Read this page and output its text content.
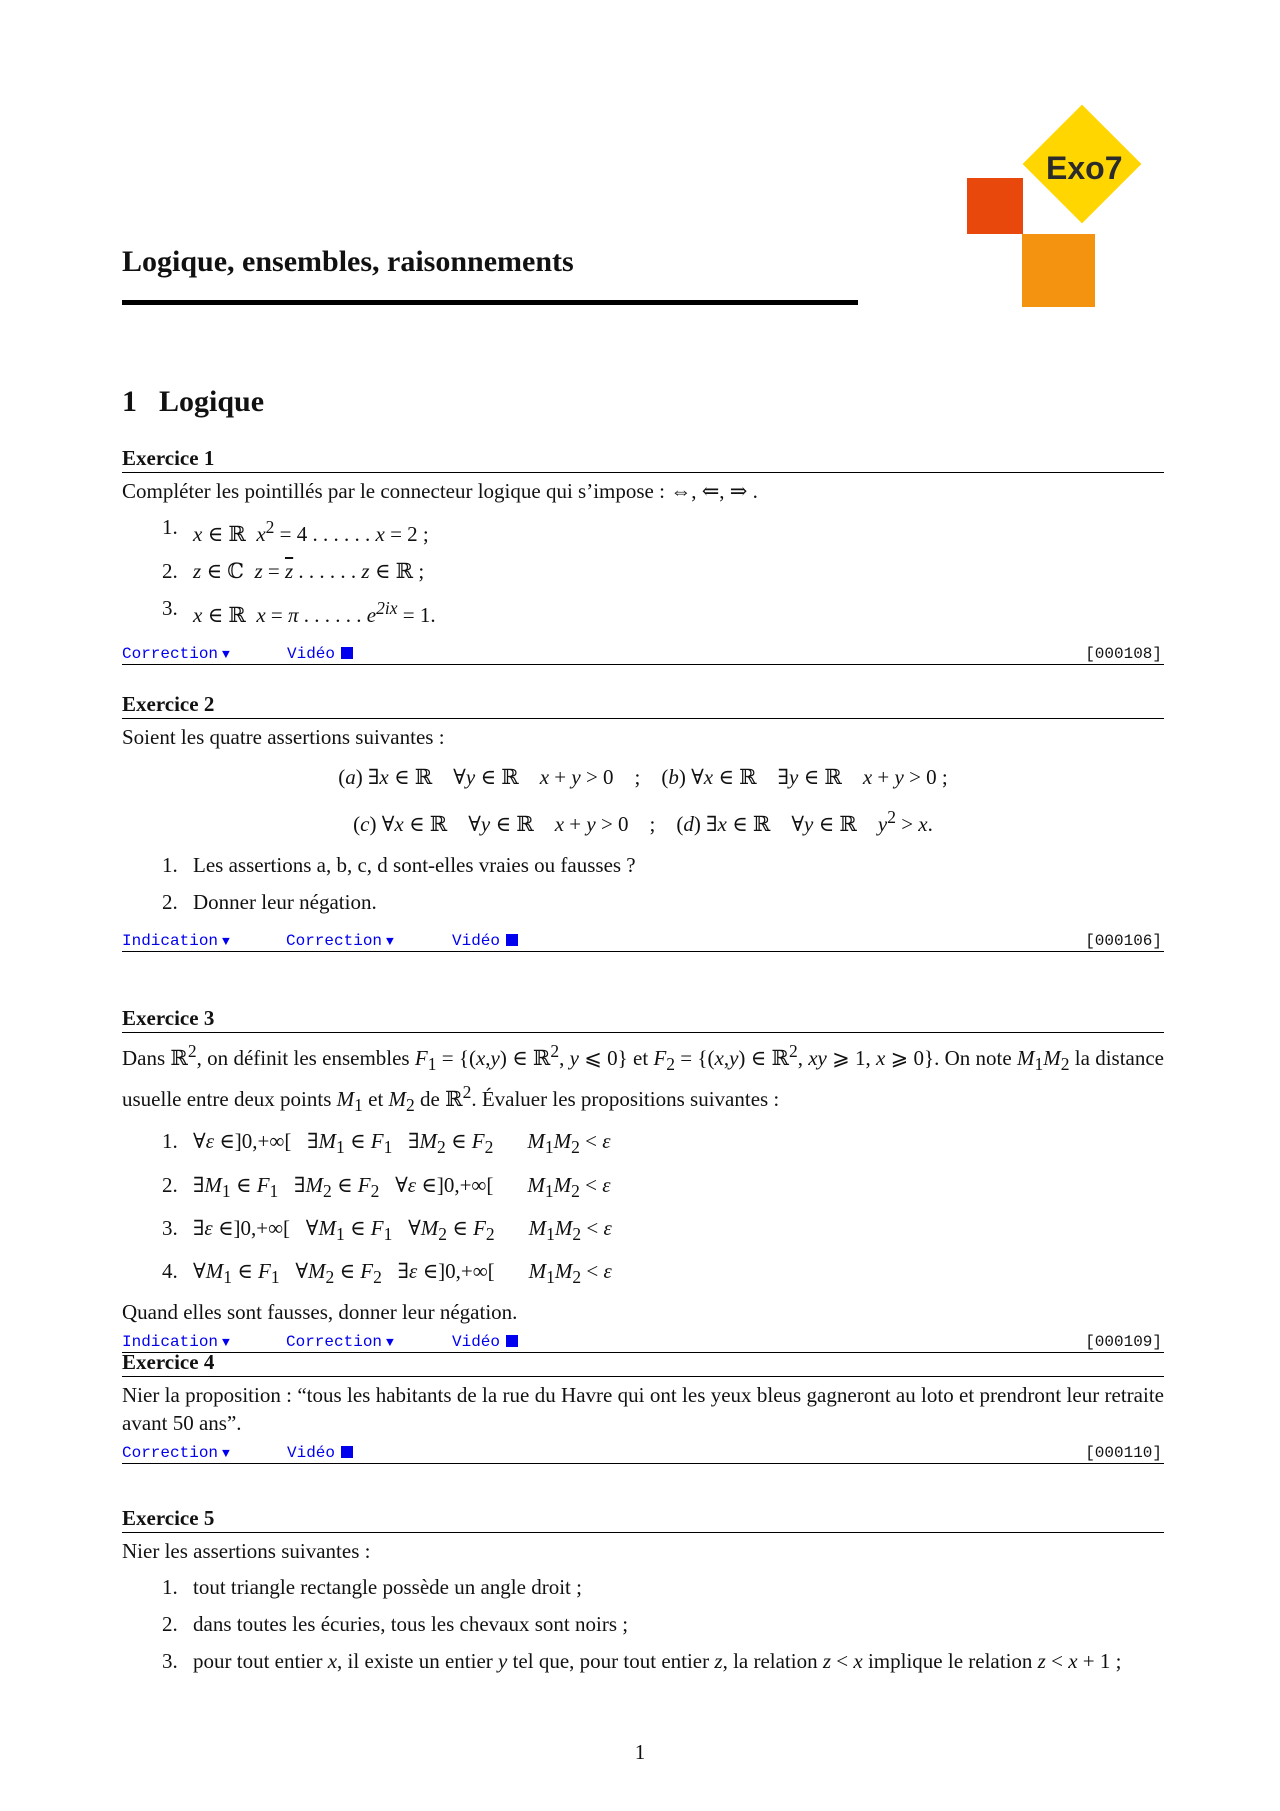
Exo7
Logique, ensembles, raisonnements
1 Logique
Exercice 1

Compléter les pointillés par le connecteur logique qui s’impose : ⇔, ⇐, ⇒ .

1. x ∈ ℝ  $x^2 = 4$ . . . . . . x = 2 ;
2. z ∈ ℂ  $z = \overline{z}$ . . . . . . z ∈ ℝ ;
3. x ∈ ℝ  x = π . . . . . . $e^{2ix} = 1$.
Correction ▼	Vidéo	[000108]
Exercice 2

Soient les quatre assertions suivantes :

(a) ∃x ∈ ℝ    ∀y ∈ ℝ    x + y > 0    ;    (b) ∀x ∈ ℝ    ∃y ∈ ℝ    x + y > 0 ;

(c) ∀x ∈ ℝ    ∀y ∈ ℝ    x + y > 0    ;    (d) ∃x ∈ ℝ    ∀y ∈ ℝ    $y^2 > x$.

1. Les assertions a, b, c, d sont-elles vraies ou fausses ?
2. Donner leur négation.
Indication ▼	Correction ▼	Vidéo	[000106]
Exercice 3

Dans ℝ$^2$, on définit les ensembles $F_1 = \{(x,y)$ ∈ ℝ$^2$, y ⩽ 0} et $F_2 = \{(x,y)$ ∈ ℝ$^2$, xy ⩾ 1, x ⩾ 0}. On note $M_1M_2$ la distance usuelle entre deux points $M_1$ et $M_2$ de ℝ$^2$. Évaluer les propositions suivantes :

1. ∀ε ∈]0,+∞[   $\exists M_1$ ∈ $F_1$   $\exists M_2$ ∈ $F_2$ $M_1M_2 < \varepsilon$
2. $\exists M_1$ ∈ $F_1$   $\exists M_2$ ∈ $F_2$   ∀ε ∈]0,+∞[ $M_1M_2 < \varepsilon$
3. ∃ε ∈]0,+∞[   $\forall M_1$ ∈ $F_1$   $\forall M_2$ ∈ $F_2$ $M_1M_2 < \varepsilon$
4. $\forall M_1$ ∈ $F_1$   $\forall M_2$ ∈ $F_2$   ∃ε ∈]0,+∞[ $M_1M_2 < \varepsilon$

Quand elles sont fausses, donner leur négation.

Indication ▼	Correction ▼	Vidéo	[000109]
Exercice 4

Nier la proposition : “tous les habitants de la rue du Havre qui ont les yeux bleus gagneront au loto et prendront leur retraite avant 50 ans”.

Correction ▼	Vidéo	[000110]
Exercice 5

Nier les assertions suivantes :

1. tout triangle rectangle possède un angle droit ;
2. dans toutes les écuries, tous les chevaux sont noirs ;
3. pour tout entier x, il existe un entier y tel que, pour tout entier z, la relation z < x implique le relation z < x + 1 ;
1
